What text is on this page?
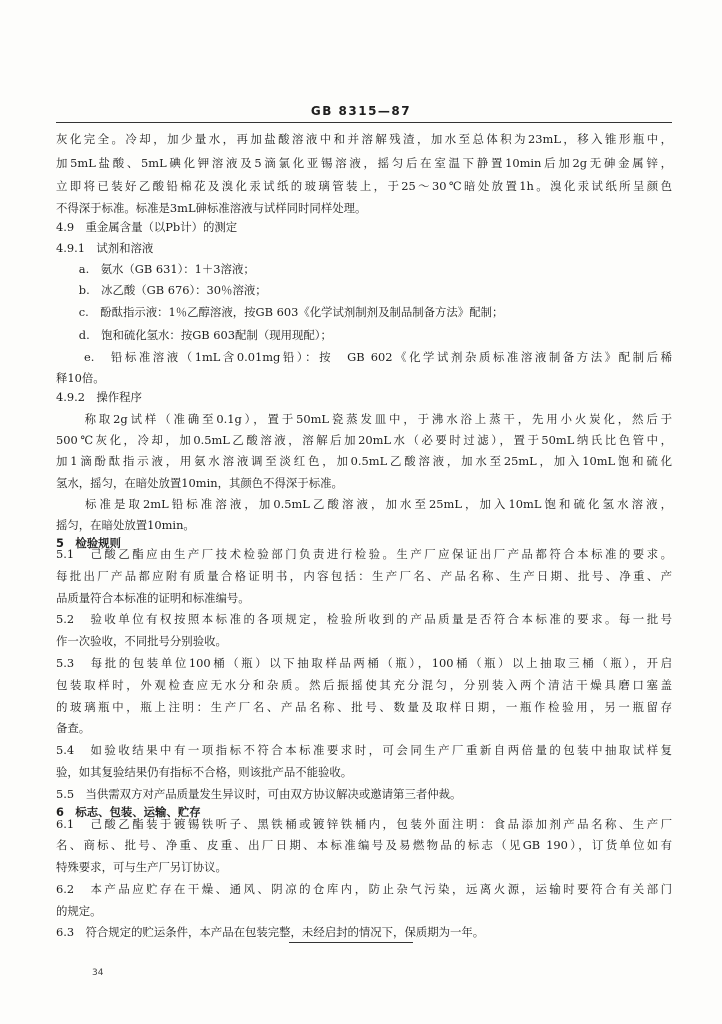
GB 8315—87
灰化完全。冷却，加少量水，再加盐酸溶液中和并溶解残渣，加水至总体积为23mL，移入锥形瓶中，
加5mL盐酸、5mL碘化钾溶液及5滴氯化亚锡溶液，摇匀后在室温下静置10min后加2g无砷金属锌，
立即将已装好乙酸铅棉花及溴化汞试纸的玻璃管装上，于25～30℃暗处放置1h。溴化汞试纸所呈颜色
不得深于标准。标准是3mL砷标准溶液与试样同时同样处理。
4.9　重金属含量（以Pb计）的测定
4.9.1　试剂和溶液
　　a.　氨水（GB 631）：1＋3溶液；
　　b.　冰乙酸（GB 676）：30％溶液；
　　c.　酚酞指示液：1％乙醇溶液，按GB 603《化学试剂制剂及制品制备方法》配制；
　　d.　饱和硫化氢水：按GB 603配制（现用现配）；
　　e.　铅标准溶液（1mL含0.01mg铅）：按　GB 602《化学试剂杂质标准溶液制备方法》配制后稀
释10倍。
4.9.2　操作程序
　　称取2g试样（准确至0.1g），置于50mL瓷蒸发皿中，于沸水浴上蒸干，先用小火炭化，然后于
500℃灰化，冷却，加0.5mL乙酸溶液，溶解后加20mL水（必要时过滤），置于50mL纳氏比色管中，
加1滴酚酞指示液，用氨水溶液调至淡红色，加0.5mL乙酸溶液，加水至25mL，加入10mL饱和硫化
氢水，摇匀，在暗处放置10min，其颜色不得深于标准。
　　标准是取2mL铅标准溶液，加0.5mL乙酸溶液，加水至25mL，加入10mL饱和硫化氢水溶液，
摇匀，在暗处放置10min。
5　检验规则
5.1　己酸乙酯应由生产厂技术检验部门负责进行检验。生产厂应保证出厂产品都符合本标准的要求。
每批出厂产品都应附有质量合格证明书，内容包括：生产厂名、产品名称、生产日期、批号、净重、产
品质量符合本标准的证明和标准编号。
5.2　验收单位有权按照本标准的各项规定，检验所收到的产品质量是否符合本标准的要求。每一批号
作一次验收，不同批号分别验收。
5.3　每批的包装单位100桶（瓶）以下抽取样品两桶（瓶），100桶（瓶）以上抽取三桶（瓶），开启
包装取样时，外观检查应无水分和杂质。然后振摇使其充分混匀，分别装入两个清洁干燥具磨口塞盖
的玻璃瓶中，瓶上注明：生产厂名、产品名称、批号、数量及取样日期，一瓶作检验用，另一瓶留存
备查。
5.4　如验收结果中有一项指标不符合本标准要求时，可会同生产厂重新自两倍量的包装中抽取试样复
验，如其复验结果仍有指标不合格，则该批产品不能验收。
5.5　当供需双方对产品质量发生异议时，可由双方协议解决或邀请第三者仲裁。
6　标志、包装、运输、贮存
6.1　己酸乙酯装于镀锡铁听子、黑铁桶或镀锌铁桶内，包装外面注明：食品添加剂产品名称、生产厂
名、商标、批号、净重、皮重、出厂日期、本标准编号及易燃物品的标志（见GB 190），订货单位如有
特殊要求，可与生产厂另订协议。
6.2　本产品应贮存在干燥、通风、阴凉的仓库内，防止杂气污染，远离火源，运输时要符合有关部门
的规定。
6.3　符合规定的贮运条件，本产品在包装完整，未经启封的情况下，保质期为一年。
34
